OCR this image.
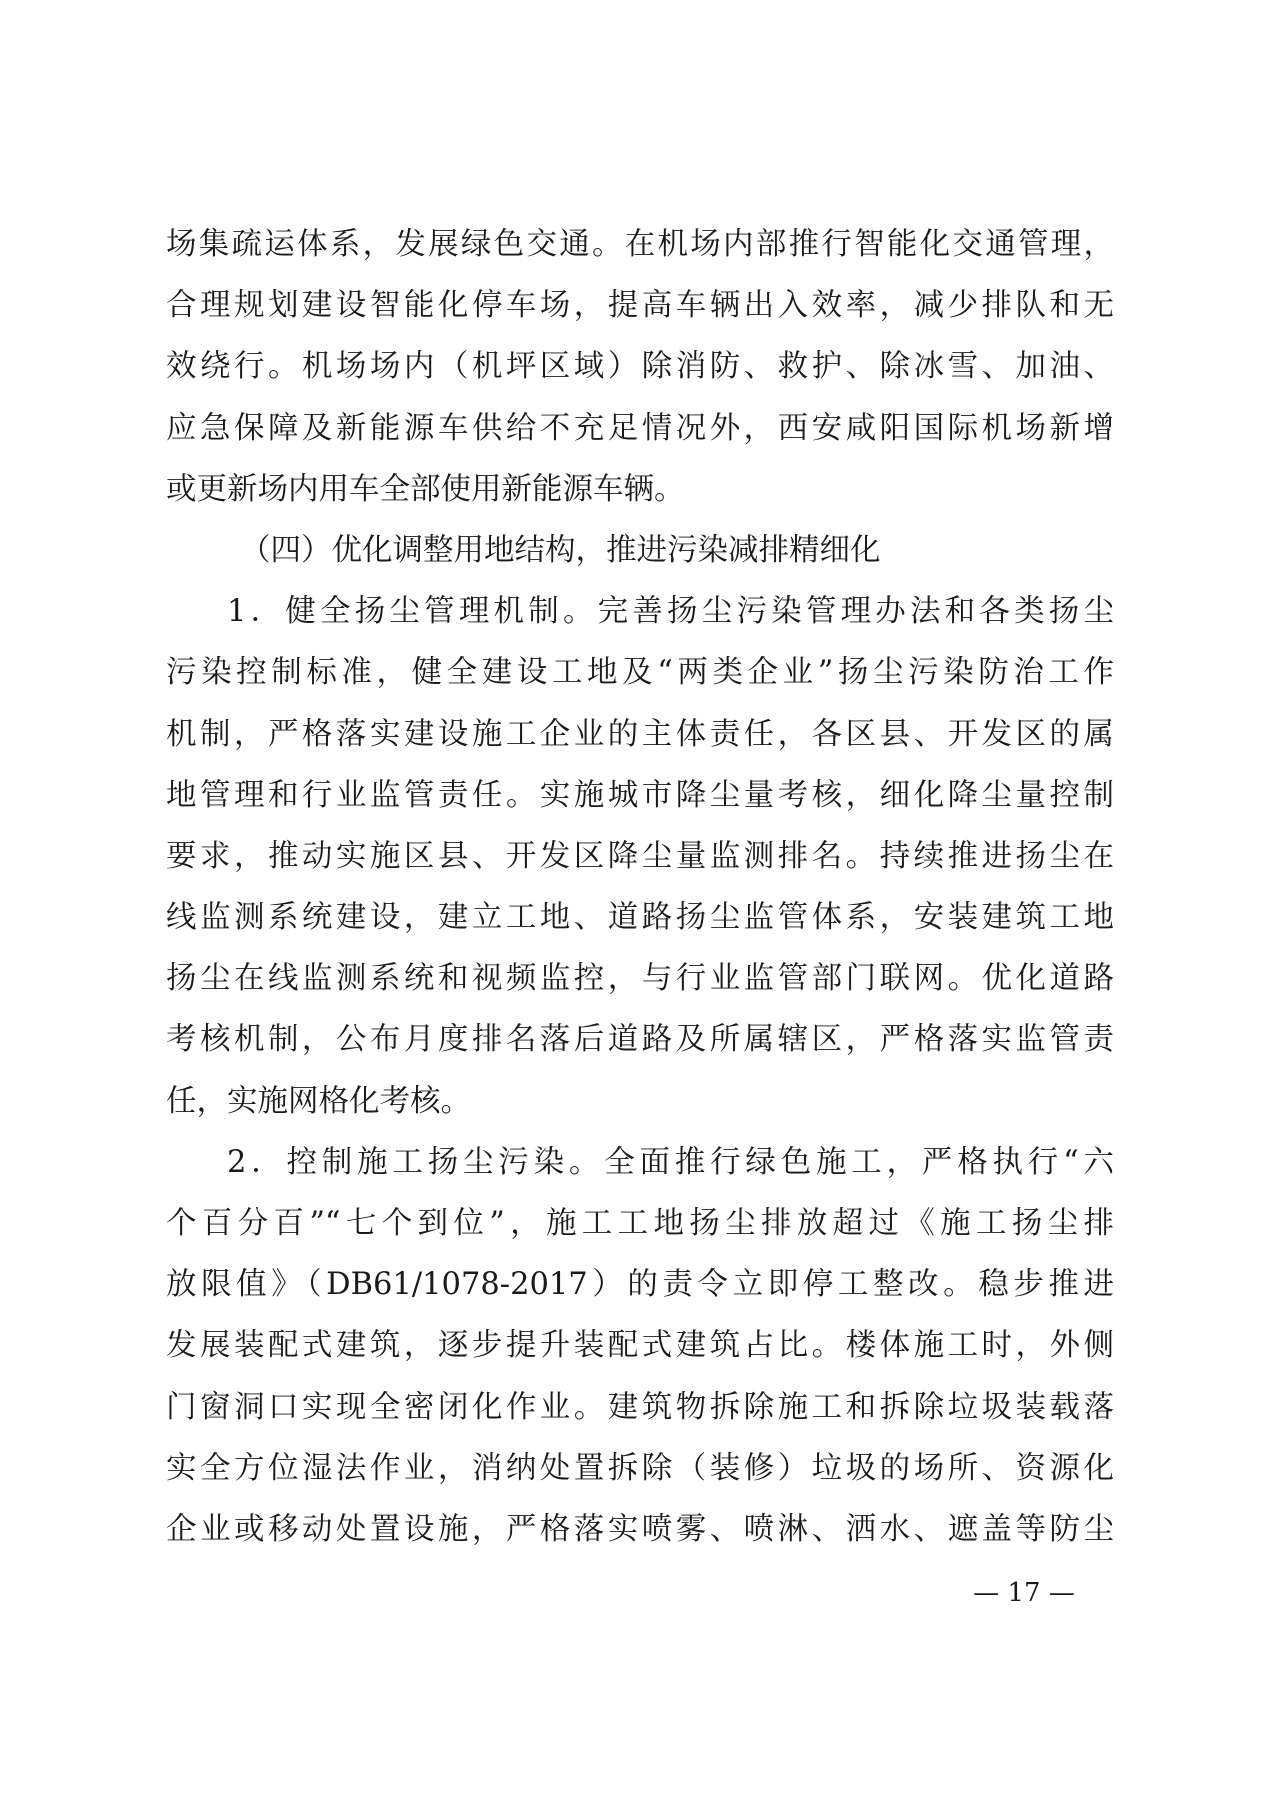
场集疏运体系，发展绿色交通。在机场内部推行智能化交通管理，
合理规划建设智能化停车场，提高车辆出入效率，减少排队和无
效绕行。机场场内（机坪区域）除消防、救护、除冰雪、加油、
应急保障及新能源车供给不充足情况外，西安咸阳国际机场新增
或更新场内用车全部使用新能源车辆。
（四）优化调整用地结构，推进污染减排精细化
1．健全扬尘管理机制。完善扬尘污染管理办法和各类扬尘
污染控制标准，健全建设工地及“两类企业”扬尘污染防治工作
机制，严格落实建设施工企业的主体责任，各区县、开发区的属
地管理和行业监管责任。实施城市降尘量考核，细化降尘量控制
要求，推动实施区县、开发区降尘量监测排名。持续推进扬尘在
线监测系统建设，建立工地、道路扬尘监管体系，安装建筑工地
扬尘在线监测系统和视频监控，与行业监管部门联网。优化道路
考核机制，公布月度排名落后道路及所属辖区，严格落实监管责
任，实施网格化考核。
2．控制施工扬尘污染。全面推行绿色施工，严格执行“六
个百分百”“七个到位”，施工工地扬尘排放超过《施工扬尘排
放限值》（DB61/1078-2017）的责令立即停工整改。稳步推进
发展装配式建筑，逐步提升装配式建筑占比。楼体施工时，外侧
门窗洞口实现全密闭化作业。建筑物拆除施工和拆除垃圾装载落
实全方位湿法作业，消纳处置拆除（装修）垃圾的场所、资源化
企业或移动处置设施，严格落实喷雾、喷淋、洒水、遮盖等防尘
— 17 —
